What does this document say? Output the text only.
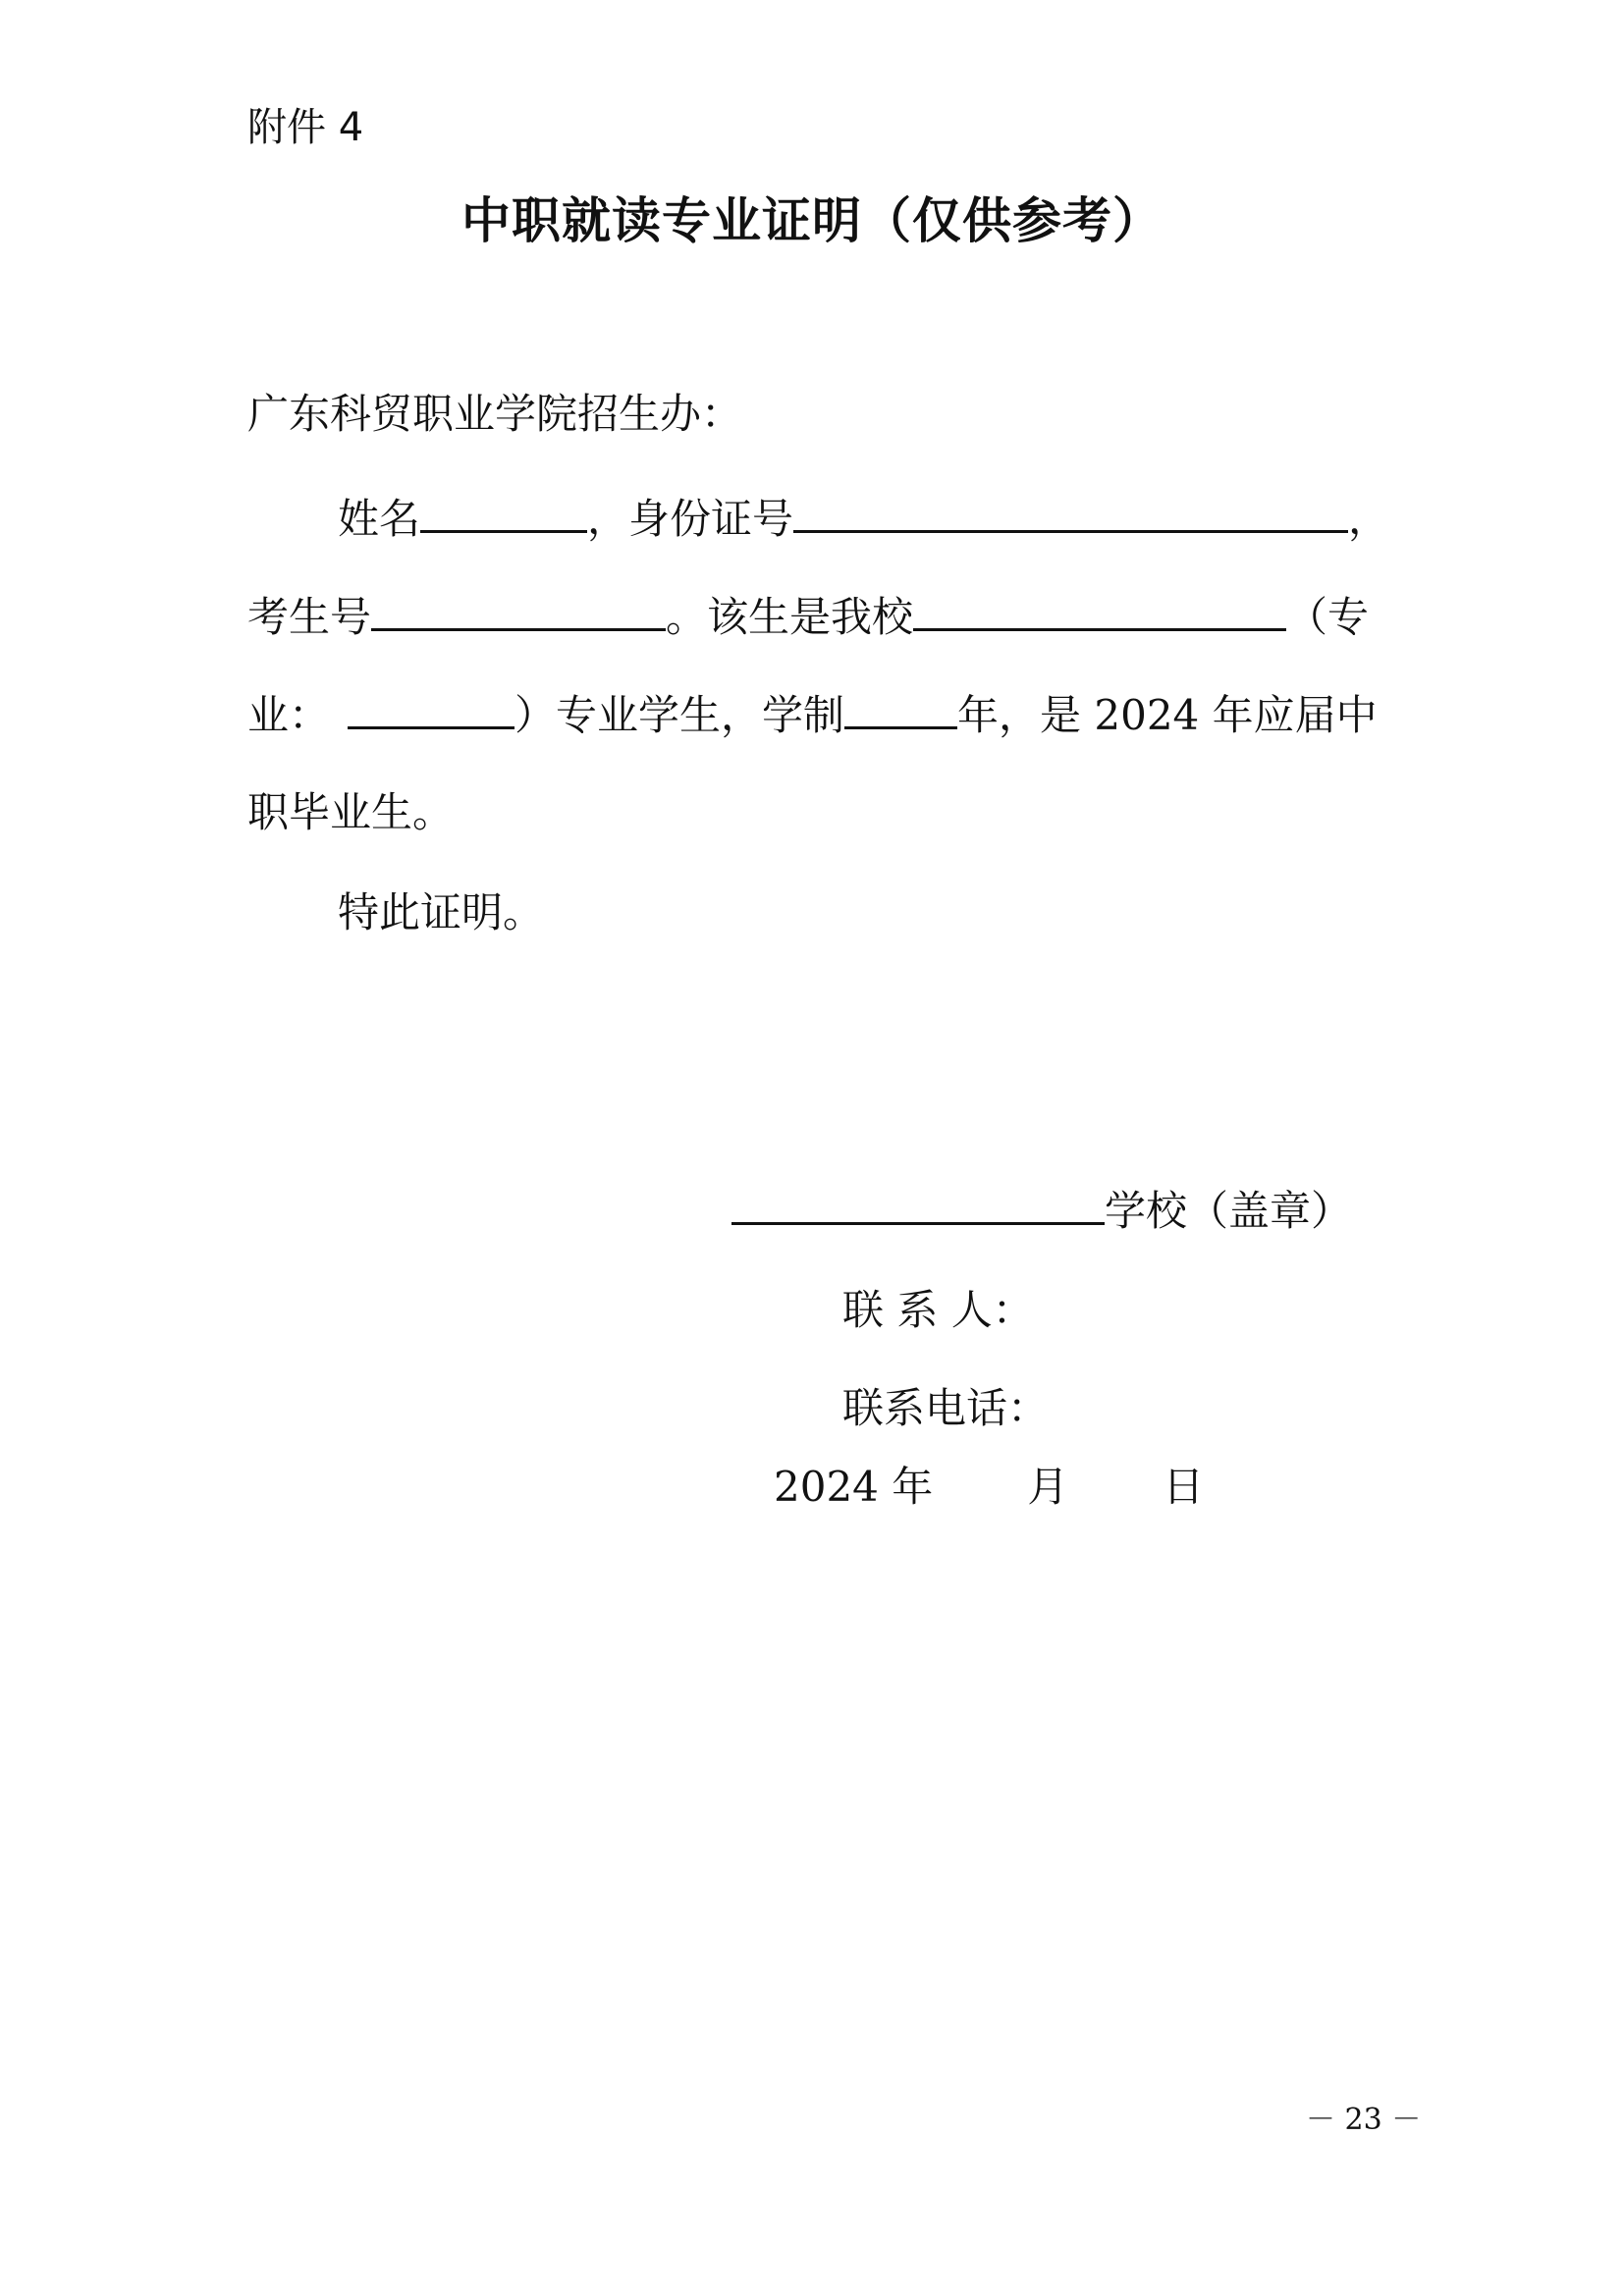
附件 4
中职就读专业证明（仅供参考）
广东科贸职业学院招生办：
姓名	，身份证号	，
考生号	。该生是我校	（专
业：	）专业学生，学制	年，是 2024 年应届中
职毕业生。
特此证明。
学校（盖章）
联 系 人：
联系电话：
2024 年 月 日
－ 23 －
